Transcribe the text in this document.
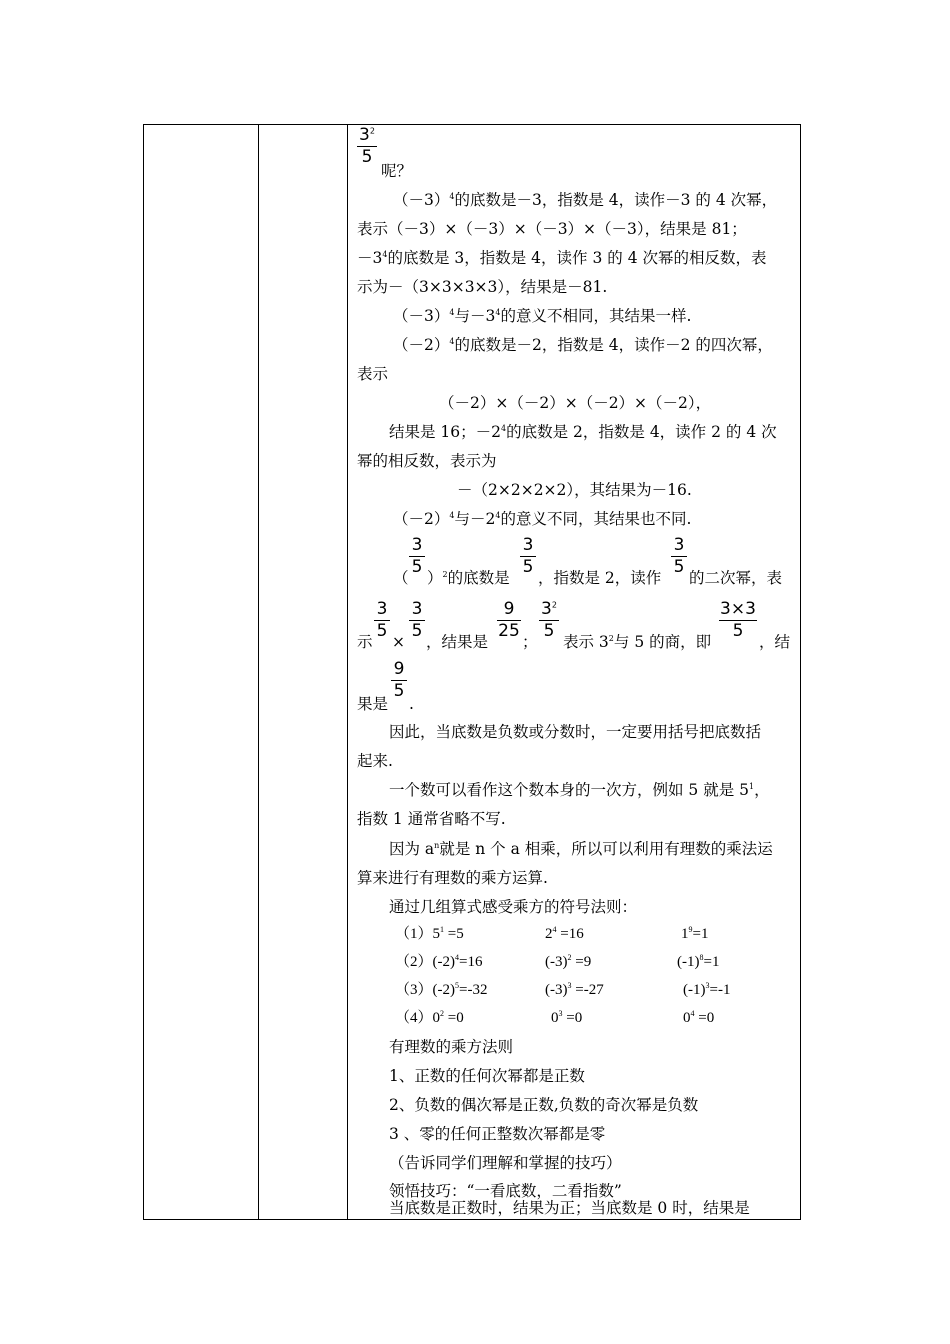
$3^2$
5
呢？
$(-3)^4$的底数是－3，指数是 4，读作－3 的 4 次幂，
表示（－3）×（－3）×（－3）×（－3），结果是 81；
$-3^4$的底数是 3，指数是 4，读作 3 的 4 次幂的相反数，表
示为－（3×3×3×3），结果是－81.
$(-3)^4$与$-3^4$的意义不相同，其结果一样.
$(-2)^4$的底数是－2，指数是 4，读作－2 的四次幂，
表示
（－2）×（－2）×（－2）×（－2），
结果是 16；$-2^4$的底数是 2，指数是 4，读作 2 的 4 次
幂的相反数，表示为
－（2×2×2×2），其结果为－16.
$(-2)^4$与$-2^4$的意义不同，其结果也不同.
3
5
3
5
3
5
（ ）$^2$的底数是 ，指数是 2，读作 的二次幂，表
3
5
3
5
9
25
$3^2$
5
3×3
5
示 × ，结果是 ； 表示 $3^2$与 5 的商，即	，结
9
5
果是 .
因此，当底数是负数或分数时，一定要用括号把底数括
起来.
一个数可以看作这个数本身的一次方，例如 5 就是 $5^1$，
指数 1 通常省略不写.
因为 $a^n$就是 n 个 a 相乘，所以可以利用有理数的乘法运
算来进行有理数的乘方运算.
通过几组算式感受乘方的符号法则：
$(1)5^1 =5$	$2^4 =16$	$1^9=1$
$(2)(-2)^4=16$	$(-3)^2 =9$	$(-1)^8=1$
$(3)(-2)^5=-32$	$(-3)^3 =-27$	$(-1)^3=-1$
$(4)0^2 =0$	$0^3 =0$	$0^4 =0$
有理数的乘方法则
1、正数的任何次幂都是正数
2、负数的偶次幂是正数,负数的奇次幂是负数
3 、零的任何正整数次幂都是零
（告诉同学们理解和掌握的技巧）
领悟技巧：“一看底数，二看指数”
当底数是正数时，结果为正；当底数是 0 时，结果是
